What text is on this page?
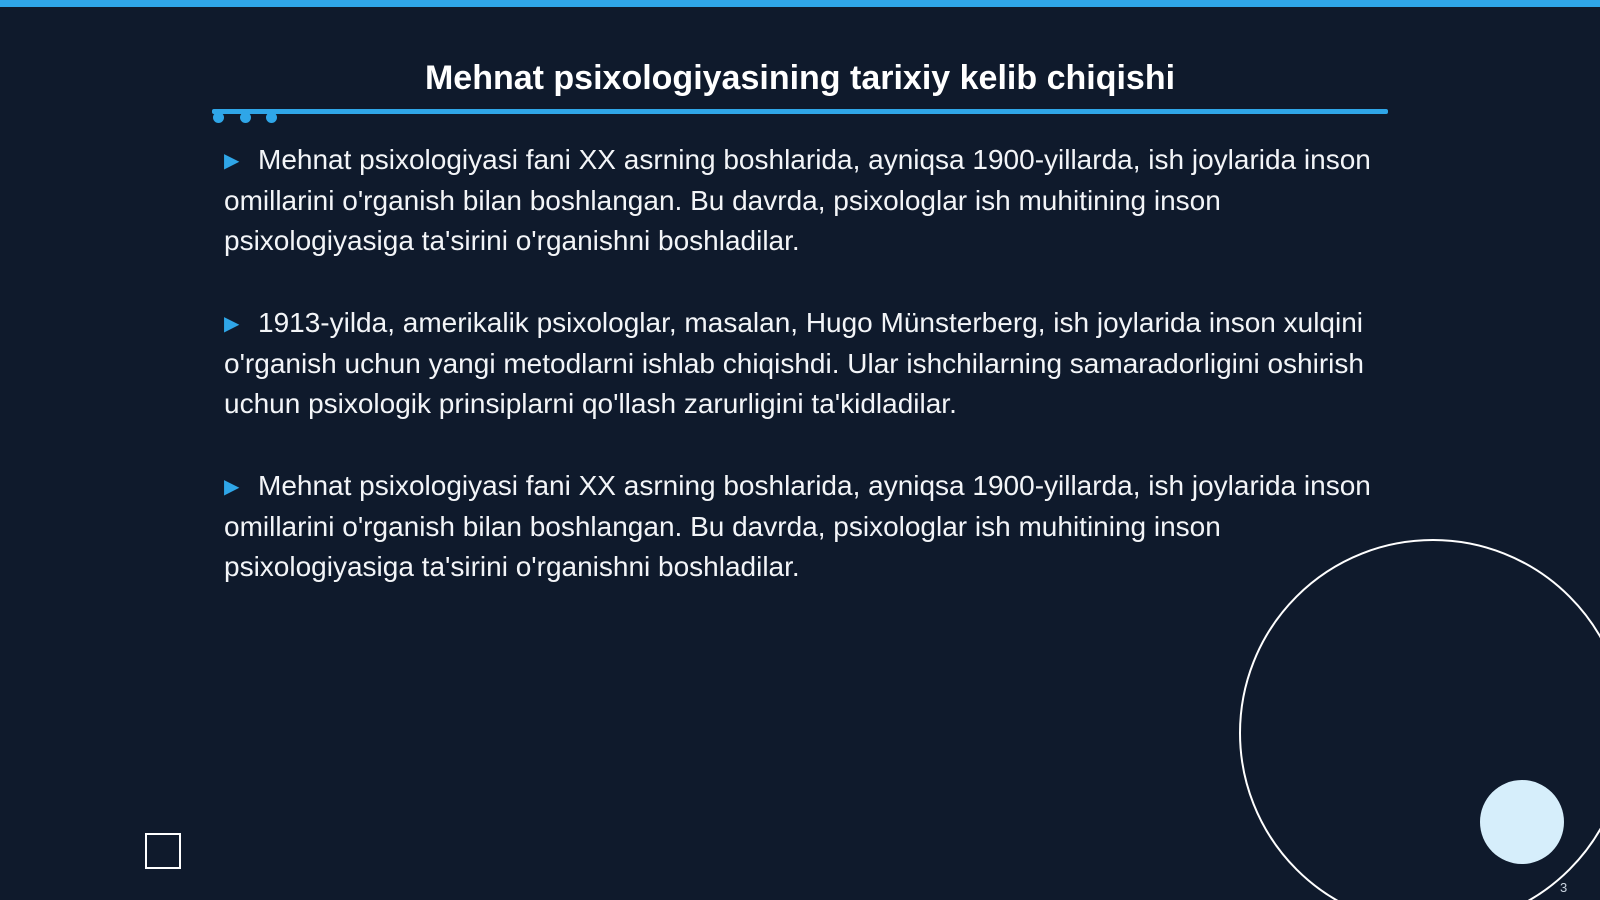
Mehnat psixologiyasining tarixiy kelib chiqishi

▶ Mehnat psixologiyasi fani XX asrning boshlarida, ayniqsa 1900-yillarda, ish joylarida inson omillarini o'rganish bilan boshlangan. Bu davrda, psixologlar ish muhitining inson psixologiyasiga ta'sirini o'rganishni boshladilar.

▶ 1913-yilda, amerikalik psixologlar, masalan, Hugo Münsterberg, ish joylarida inson xulqini o'rganish uchun yangi metodlarni ishlab chiqishdi. Ular ishchilarning samaradorligini oshirish uchun psixologik prinsiplarni qo'llash zarurligini ta'kidladilar.

▶ Mehnat psixologiyasi fani XX asrning boshlarida, ayniqsa 1900-yillarda, ish joylarida inson omillarini o'rganish bilan boshlangan. Bu davrda, psixologlar ish muhitining inson psixologiyasiga ta'sirini o'rganishni boshladilar.

3
